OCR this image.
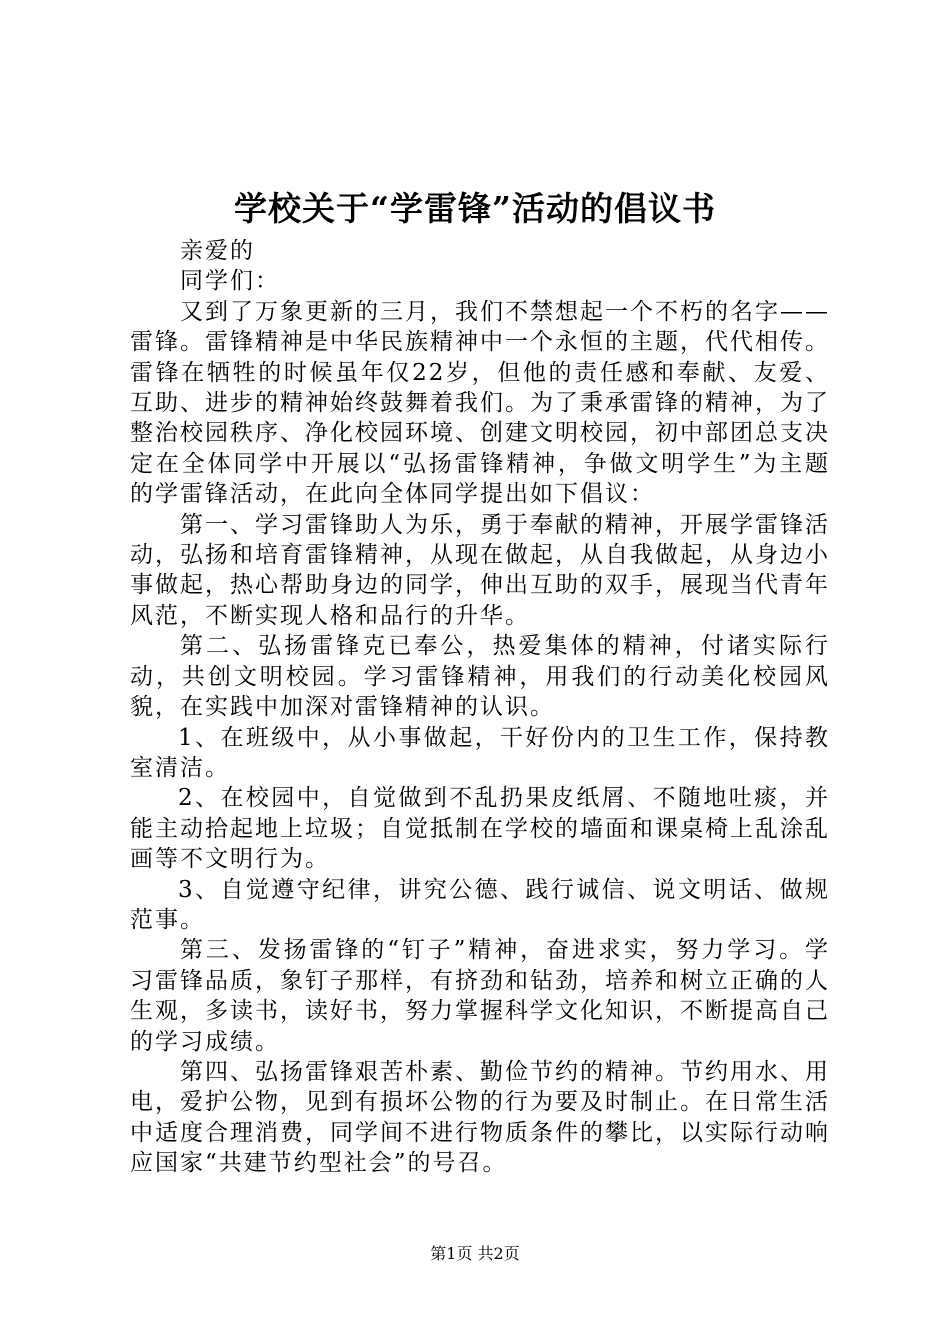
学校关于“学雷锋”活动的倡议书

亲爱的

同学们：

又到了万象更新的三月，我们不禁想起一个不朽的名字——雷锋。雷锋精神是中华民族精神中一个永恒的主题，代代相传。雷锋在牺牲的时候虽年仅22岁，但他的责任感和奉献、友爱、互助、进步的精神始终鼓舞着我们。为了秉承雷锋的精神，为了整治校园秩序、净化校园环境、创建文明校园，初中部团总支决定在全体同学中开展以“弘扬雷锋精神，争做文明学生”为主题的学雷锋活动，在此向全体同学提出如下倡议：

第一、学习雷锋助人为乐，勇于奉献的精神，开展学雷锋活动，弘扬和培育雷锋精神，从现在做起，从自我做起，从身边小事做起，热心帮助身边的同学，伸出互助的双手，展现当代青年风范，不断实现人格和品行的升华。

第二、弘扬雷锋克已奉公，热爱集体的精神，付诸实际行动，共创文明校园。学习雷锋精神，用我们的行动美化校园风貌，在实践中加深对雷锋精神的认识。

1、在班级中，从小事做起，干好份内的卫生工作，保持教室清洁。

2、在校园中，自觉做到不乱扔果皮纸屑、不随地吐痰，并能主动拾起地上垃圾；自觉抵制在学校的墙面和课桌椅上乱涂乱画等不文明行为。

3、自觉遵守纪律，讲究公德、践行诚信、说文明话、做规范事。

第三、发扬雷锋的“钉子”精神，奋进求实，努力学习。学习雷锋品质，象钉子那样，有挤劲和钻劲，培养和树立正确的人生观，多读书，读好书，努力掌握科学文化知识，不断提高自己的学习成绩。

第四、弘扬雷锋艰苦朴素、勤俭节约的精神。节约用水、用电，爱护公物，见到有损坏公物的行为要及时制止。在日常生活中适度合理消费，同学间不进行物质条件的攀比，以实际行动响应国家“共建节约型社会”的号召。

第1页 共2页
